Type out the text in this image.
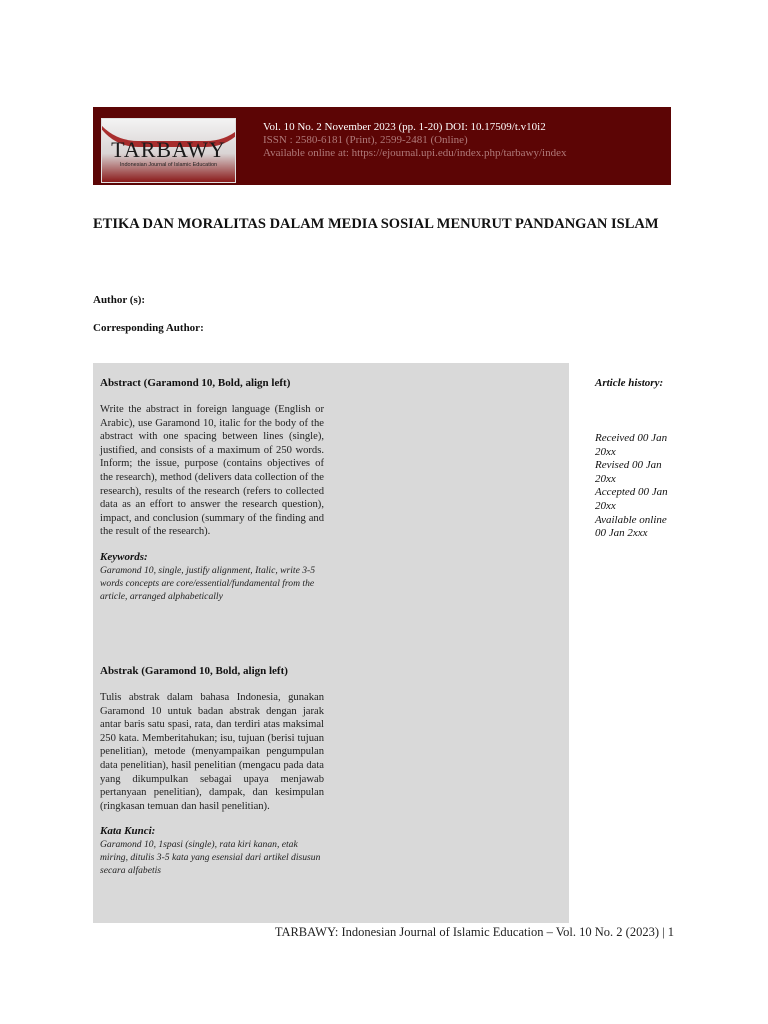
TARBAWY
Indonesian Journal of Islamic Education
Vol. 10 No. 2 November 2023 (pp. 1-20) DOI: 10.17509/t.v10i2
ISSN : 2580-6181 (Print), 2599-2481 (Online)
Available online at: https://ejournal.upi.edu/index.php/tarbawy/index
ETIKA DAN MORALITAS DALAM MEDIA SOSIAL MENURUT PANDANGAN ISLAM
Author (s):
Corresponding Author:
Abstract (Garamond 10, Bold, align left)
Write the abstract in foreign language (English or Arabic), use Garamond 10, italic for the body of the abstract with one spacing between lines (single), justified, and consists of a maximum of 250 words. Inform; the issue, purpose (contains objectives of the research), method (delivers data collection of the research), results of the research (refers to collected data as an effort to answer the research question), impact, and conclusion (summary of the finding and the result of the research).
Keywords:
Garamond 10, single, justify alignment, Italic, write 3-5 words concepts are core/essential/fundamental from the article, arranged alphabetically
Abstrak (Garamond 10, Bold, align left)
Tulis abstrak dalam bahasa Indonesia, gunakan Garamond 10 untuk badan abstrak dengan jarak antar baris satu spasi, rata, dan terdiri atas maksimal 250 kata. Memberitahukan; isu, tujuan (berisi tujuan penelitian), metode (menyampaikan pengumpulan data penelitian), hasil penelitian (mengacu pada data yang dikumpulkan sebagai upaya menjawab pertanyaan penelitian), dampak, dan kesimpulan (ringkasan temuan dan hasil penelitian).
Kata Kunci:
Garamond 10, 1spasi (single), rata kiri kanan, etak miring, ditulis 3-5 kata yang esensial dari artikel disusun secara alfabetis
Article history:
Received 00 Jan 20xx
Revised 00 Jan 20xx
Accepted 00 Jan 20xx
Available online 00 Jan 2xxx
TARBAWY: Indonesian Journal of Islamic Education – Vol. 10 No. 2 (2023) | 1
